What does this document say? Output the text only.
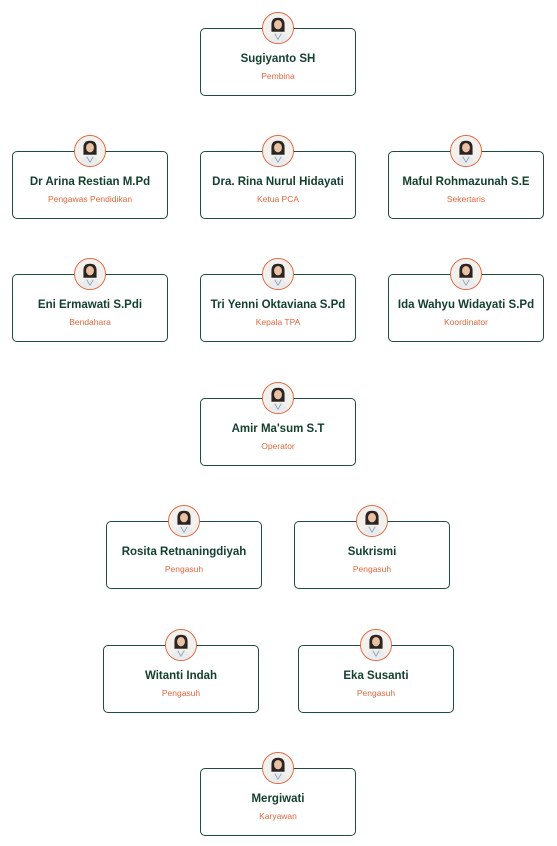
Sugiyanto SH
Pembina
Dr Arina Restian M.Pd
Pengawas Pendidikan
Dra. Rina Nurul Hidayati
Ketua PCA
Maful Rohmazunah S.E
Sekertaris
Eni Ermawati S.Pdi
Bendahara
Tri Yenni Oktaviana S.Pd
Kepala TPA
Ida Wahyu Widayati S.Pd
Koordinator
Amir Ma'sum S.T
Operator
Rosita Retnaningdiyah
Pengasuh
Sukrismi
Pengasuh
Witanti Indah
Pengasuh
Eka Susanti
Pengasuh
Mergiwati
Karyawan
